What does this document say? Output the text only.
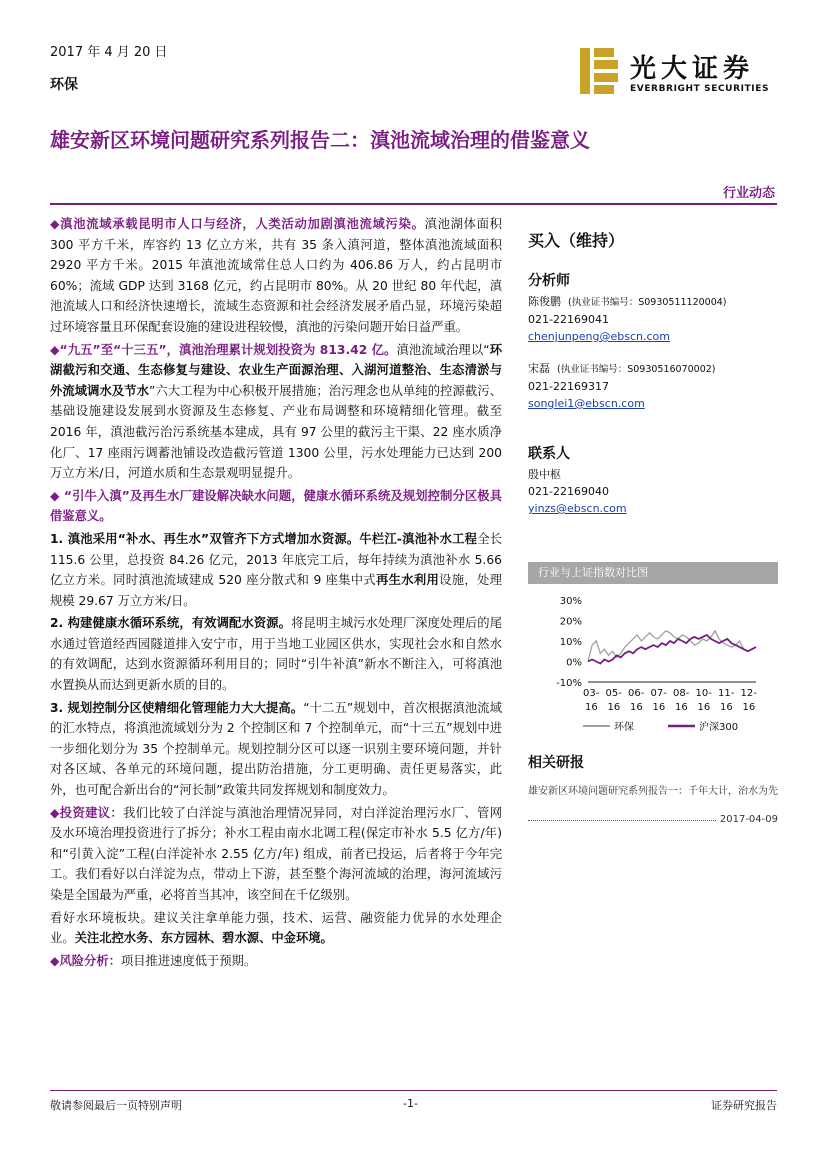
2017 年 4 月 20 日
环保
光大证券
EVERBRIGHT SECURITIES
雄安新区环境问题研究系列报告二：滇池流域治理的借鉴意义
行业动态

◆滇池流域承载昆明市人口与经济，人类活动加剧滇池流域污染。滇池湖体面积 300 平方千米，库容约 13 亿立方米，共有 35 条入滇河道，整体滇池流域面积 2920 平方千米。2015 年滇池流域常住总人口约为 406.86 万人，约占昆明市 60%；流域 GDP 达到 3168 亿元，约占昆明市 80%。从 20 世纪 80 年代起，滇池流域人口和经济快速增长，流域生态资源和社会经济发展矛盾凸显，环境污染超过环境容量且环保配套设施的建设进程较慢，滇池的污染问题开始日益严重。

◆“九五”至“十三五”，滇池治理累计规划投资为 813.42 亿。滇池流域治理以“环湖截污和交通、生态修复与建设、农业生产面源治理、入湖河道整治、生态清淤与外流域调水及节水”六大工程为中心积极开展措施；治污理念也从单纯的控源截污、基础设施建设发展到水资源及生态修复、产业布局调整和环境精细化管理。截至 2016 年，滇池截污治污系统基本建成，具有 97 公里的截污主干渠、22 座水质净化厂、17 座雨污调蓄池铺设改造截污管道 1300 公里，污水处理能力已达到 200 万立方米/日，河道水质和生态景观明显提升。

◆ “引牛入滇”及再生水厂建设解决缺水问题，健康水循环系统及规划控制分区极具借鉴意义。

1. 滇池采用“补水、再生水”双管齐下方式增加水资源。牛栏江-滇池补水工程全长 115.6 公里，总投资 84.26 亿元，2013 年底完工后，每年持续为滇池补水 5.66 亿立方米。同时滇池流域建成 520 座分散式和 9 座集中式再生水利用设施，处理规模 29.67 万立方米/日。

2. 构建健康水循环系统，有效调配水资源。将昆明主城污水处理厂深度处理后的尾水通过管道经西园隧道排入安宁市，用于当地工业园区供水，实现社会水和自然水的有效调配，达到水资源循环利用目的；同时“引牛补滇”新水不断注入，可将滇池水置换从而达到更新水质的目的。

3. 规划控制分区使精细化管理能力大大提高。“十二五”规划中，首次根据滇池流域的汇水特点，将滇池流域划分为 2 个控制区和 7 个控制单元，而“十三五”规划中进一步细化划分为 35 个控制单元。规划控制分区可以逐一识别主要环境问题，并针对各区域、各单元的环境问题，提出防治措施，分工更明确、责任更易落实，此外，也可配合新出台的“河长制”政策共同发挥规划和制度效力。

◆投资建议：我们比较了白洋淀与滇池治理情况异同，对白洋淀治理污水厂、管网及水环境治理投资进行了拆分；补水工程由南水北调工程(保定市补水 5.5 亿方/年) 和“引黄入淀”工程(白洋淀补水 2.55 亿方/年) 组成，前者已投运，后者将于今年完工。我们看好以白洋淀为点，带动上下游，甚至整个海河流域的治理，海河流域污染是全国最为严重，必将首当其冲，该空间在千亿级别。

看好水环境板块。建议关注拿单能力强，技术、运营、融资能力优异的水处理企业。关注北控水务、东方园林、碧水源、中金环境。

◆风险分析：项目推进速度低于预期。

买入（维持）
分析师
陈俊鹏 (执业证书编号：S0930511120004)
021-22169041
chenjunpeng@ebscn.com
宋磊 (执业证书编号：S0930516070002)
021-22169317
songlei1@ebscn.com
联系人
殷中枢
021-22169040
yinzs@ebscn.com
行业与上证指数对比图
30%
20%
10%
0%
-10%
03-
16
05-
16
06-
16
07-
16
08-
16
10-
16
11-
16
12-
16
环保	沪深300
相关研报
雄安新区环境问题研究系列报告一：千年大计，治水为先
2017-04-09
敬请参阅最后一页特别声明	-1-	证券研究报告
